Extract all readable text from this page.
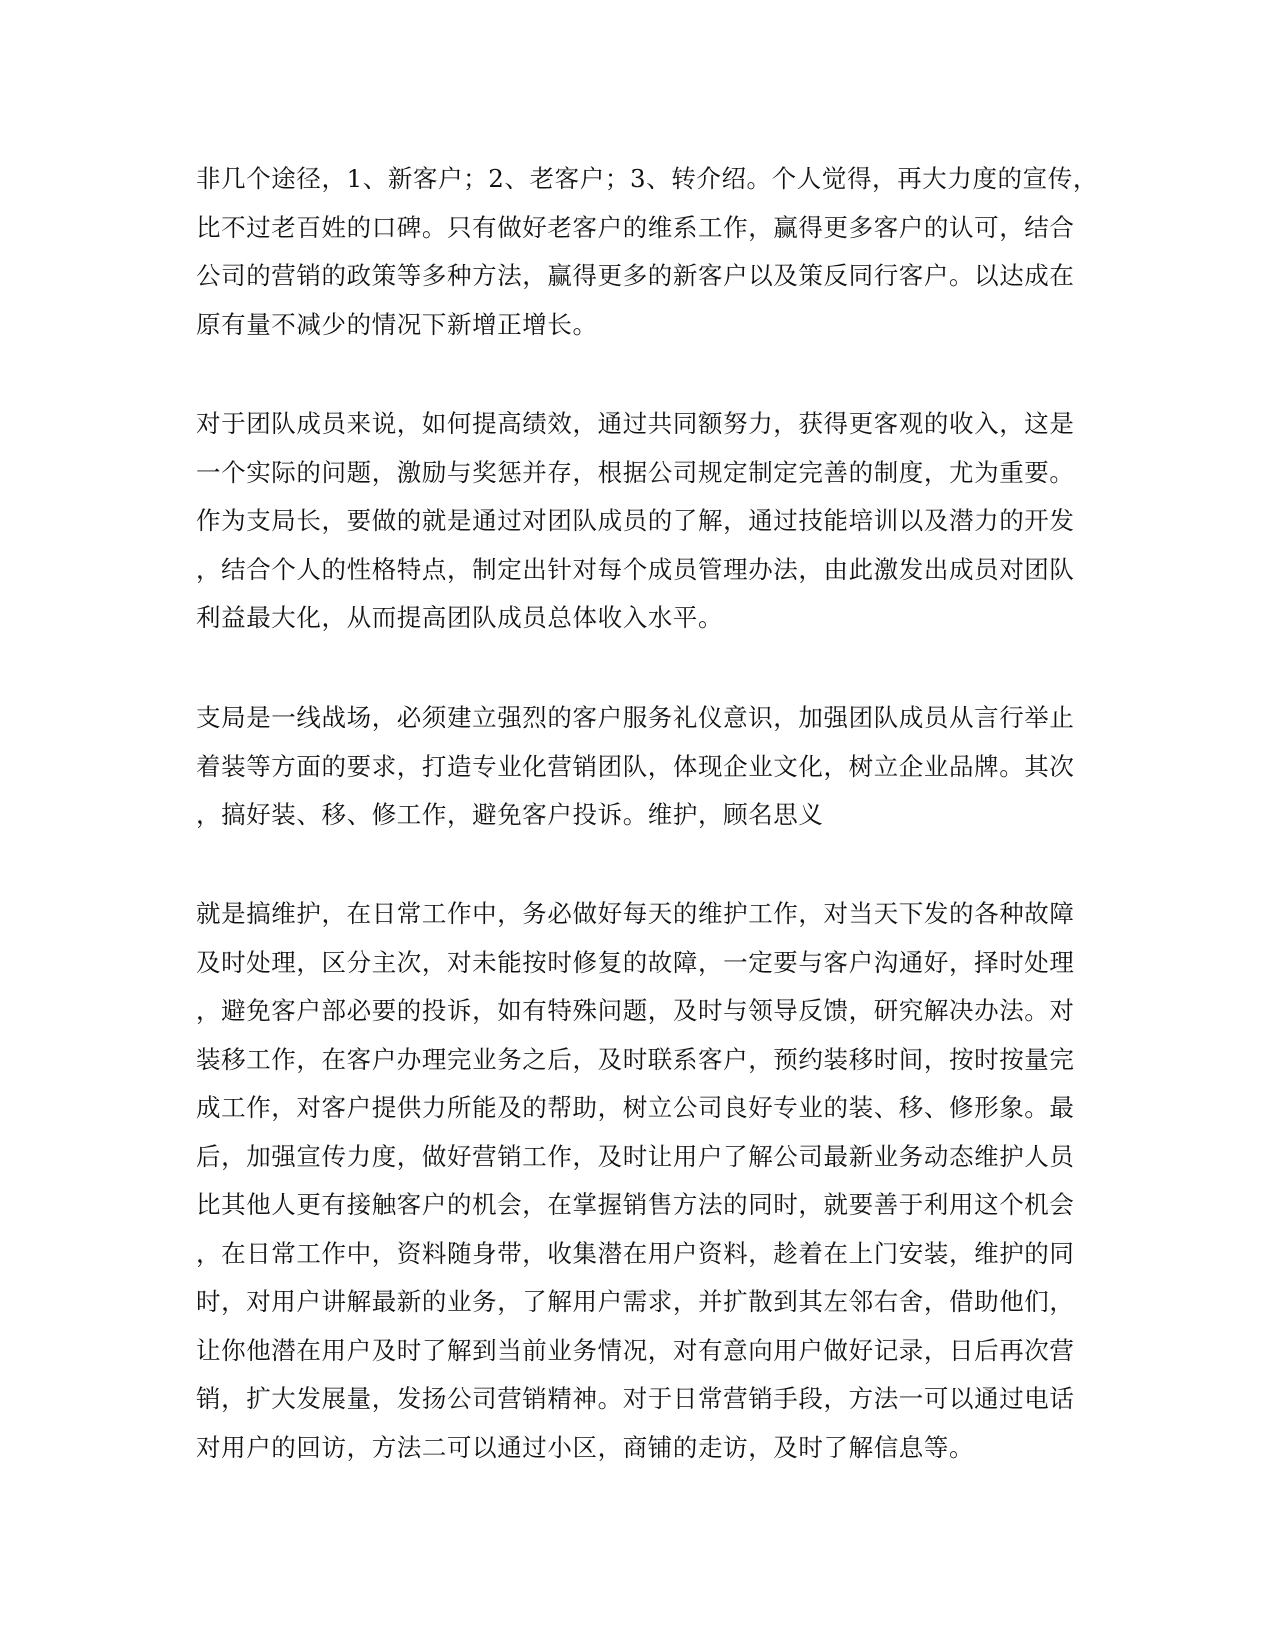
非几个途径，1、新客户；2、老客户；3、转介绍。个人觉得，再大力度的宣传，
比不过老百姓的口碑。只有做好老客户的维系工作，赢得更多客户的认可，结合
公司的营销的政策等多种方法，赢得更多的新客户以及策反同行客户。以达成在
原有量不减少的情况下新增正增长。
对于团队成员来说，如何提高绩效，通过共同额努力，获得更客观的收入，这是
一个实际的问题，激励与奖惩并存，根据公司规定制定完善的制度，尤为重要。
作为支局长，要做的就是通过对团队成员的了解，通过技能培训以及潜力的开发
，结合个人的性格特点，制定出针对每个成员管理办法，由此激发出成员对团队
利益最大化，从而提高团队成员总体收入水平。
支局是一线战场，必须建立强烈的客户服务礼仪意识，加强团队成员从言行举止
着装等方面的要求，打造专业化营销团队，体现企业文化，树立企业品牌。其次
，搞好装、移、修工作，避免客户投诉。维护，顾名思义
就是搞维护，在日常工作中，务必做好每天的维护工作，对当天下发的各种故障
及时处理，区分主次，对未能按时修复的故障，一定要与客户沟通好，择时处理
，避免客户部必要的投诉，如有特殊问题，及时与领导反馈，研究解决办法。对
装移工作，在客户办理完业务之后，及时联系客户，预约装移时间，按时按量完
成工作，对客户提供力所能及的帮助，树立公司良好专业的装、移、修形象。最
后，加强宣传力度，做好营销工作，及时让用户了解公司最新业务动态维护人员
比其他人更有接触客户的机会，在掌握销售方法的同时，就要善于利用这个机会
，在日常工作中，资料随身带，收集潜在用户资料，趁着在上门安装，维护的同
时，对用户讲解最新的业务，了解用户需求，并扩散到其左邻右舍，借助他们，
让你他潜在用户及时了解到当前业务情况，对有意向用户做好记录，日后再次营
销，扩大发展量，发扬公司营销精神。对于日常营销手段，方法一可以通过电话
对用户的回访，方法二可以通过小区，商铺的走访，及时了解信息等。
